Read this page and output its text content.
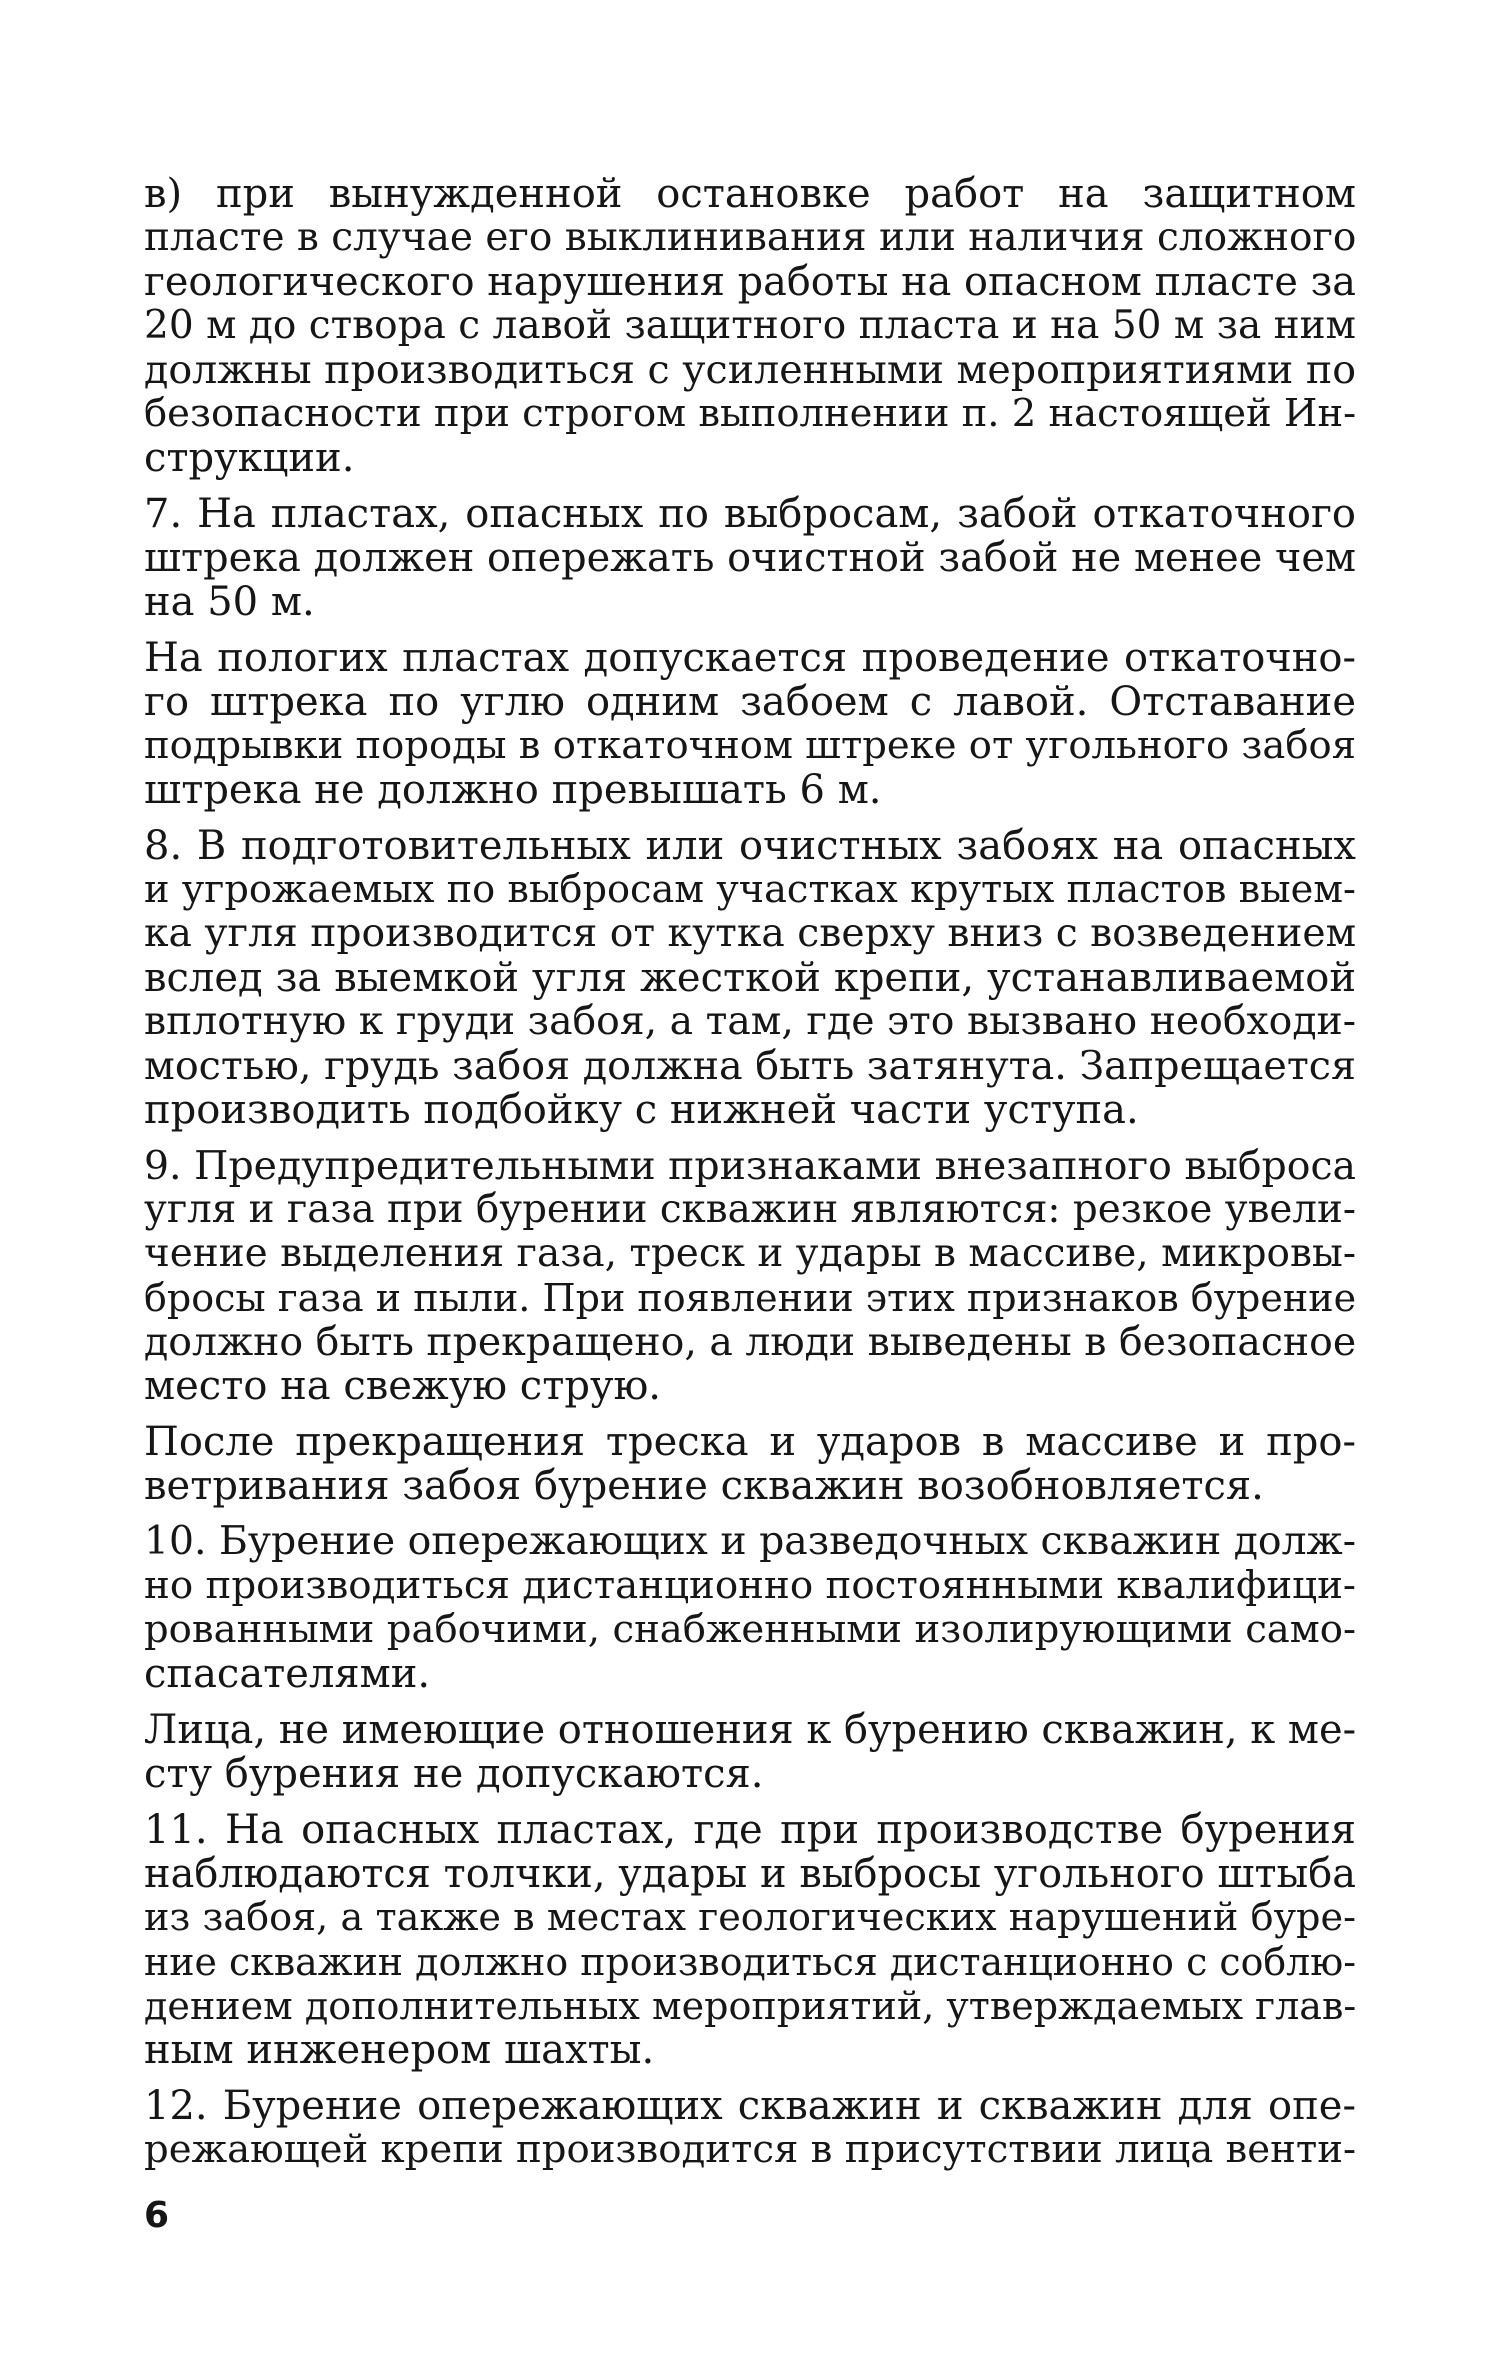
в) при вынужденной остановке работ на защитном
пласте в случае его выклинивания или наличия сложного
геологического нарушения работы на опасном пласте за
20 м до створа с лавой защитного пласта и на 50 м за ним
должны производиться с усиленными мероприятиями по
безопасности при строгом выполнении п. 2 настоящей Ин-
струкции.
7. На пластах, опасных по выбросам, забой откаточного
штрека должен опережать очистной забой не менее чем
на 50 м.
На пологих пластах допускается проведение откаточно-
го штрека по углю одним забоем с лавой. Отставание
подрывки породы в откаточном штреке от угольного забоя
штрека не должно превышать 6 м.
8. В подготовительных или очистных забоях на опасных
и угрожаемых по выбросам участках крутых пластов выем-
ка угля производится от кутка сверху вниз с возведением
вслед за выемкой угля жесткой крепи, устанавливаемой
вплотную к груди забоя, а там, где это вызвано необходи-
мостью, грудь забоя должна быть затянута. Запрещается
производить подбойку с нижней части уступа.
9. Предупредительными признаками внезапного выброса
угля и газа при бурении скважин являются: резкое увели-
чение выделения газа, треск и удары в массиве, микровы-
бросы газа и пыли. При появлении этих признаков бурение
должно быть прекращено, а люди выведены в безопасное
место на свежую струю.
После прекращения треска и ударов в массиве и про-
ветривания забоя бурение скважин возобновляется.
10. Бурение опережающих и разведочных скважин долж-
но производиться дистанционно постоянными квалифици-
рованными рабочими, снабженными изолирующими само-
спасателями.
Лица, не имеющие отношения к бурению скважин, к ме-
сту бурения не допускаются.
11. На опасных пластах, где при производстве бурения
наблюдаются толчки, удары и выбросы угольного штыба
из забоя, а также в местах геологических нарушений буре-
ние скважин должно производиться дистанционно с соблю-
дением дополнительных мероприятий, утверждаемых глав-
ным инженером шахты.
12. Бурение опережающих скважин и скважин для опе-
режающей крепи производится в присутствии лица венти-
6
